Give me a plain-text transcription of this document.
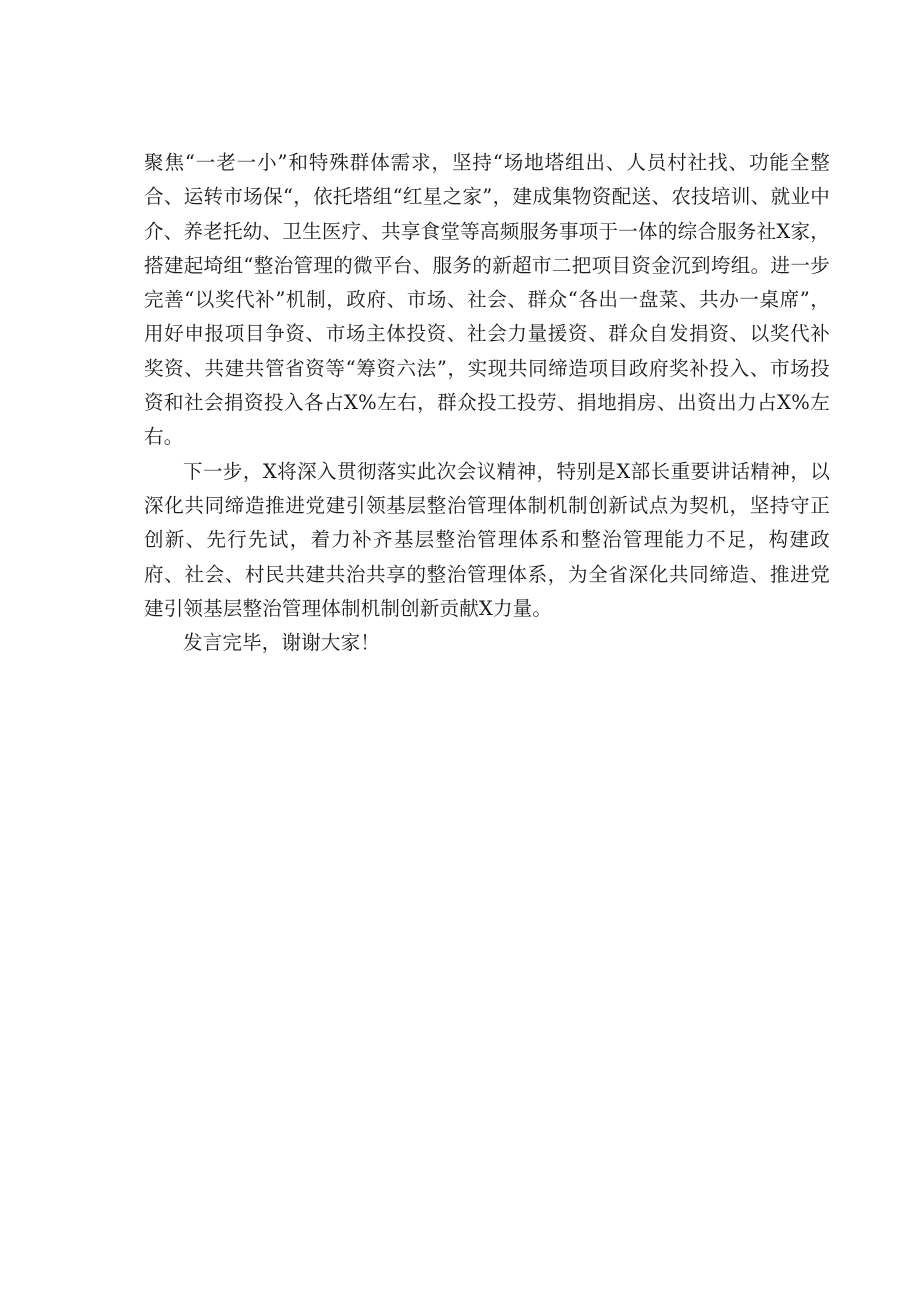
聚焦“一老一小”和特殊群体需求，坚持“场地塔组出、人员村社找、功能全整合、运转市场保“，依托塔组“红星之家”，建成集物资配送、农技培训、就业中介、养老托幼、卫生医疗、共享食堂等高频服务事项于一体的综合服务社X家，搭建起埼组“整治管理的微平台、服务的新超市二把项目资金沉到垮组。进一步完善“以奖代补”机制，政府、市场、社会、群众“各出一盘菜、共办一桌席”，用好申报项目争资、市场主体投资、社会力量援资、群众自发捐资、以奖代补奖资、共建共管省资等“筹资六法”，实现共同缔造项目政府奖补投入、市场投资和社会捐资投入各占X%左右，群众投工投劳、捐地捐房、出资出力占X%左右。

下一步，X将深入贯彻落实此次会议精神，特别是X部长重要讲话精神，以深化共同缔造推进党建引领基层整治管理体制机制创新试点为契机，坚持守正创新、先行先试，着力补齐基层整治管理体系和整治管理能力不足，构建政府、社会、村民共建共治共享的整治管理体系，为全省深化共同缔造、推进党建引领基层整治管理体制机制创新贡献X力量。

发言完毕，谢谢大家！
